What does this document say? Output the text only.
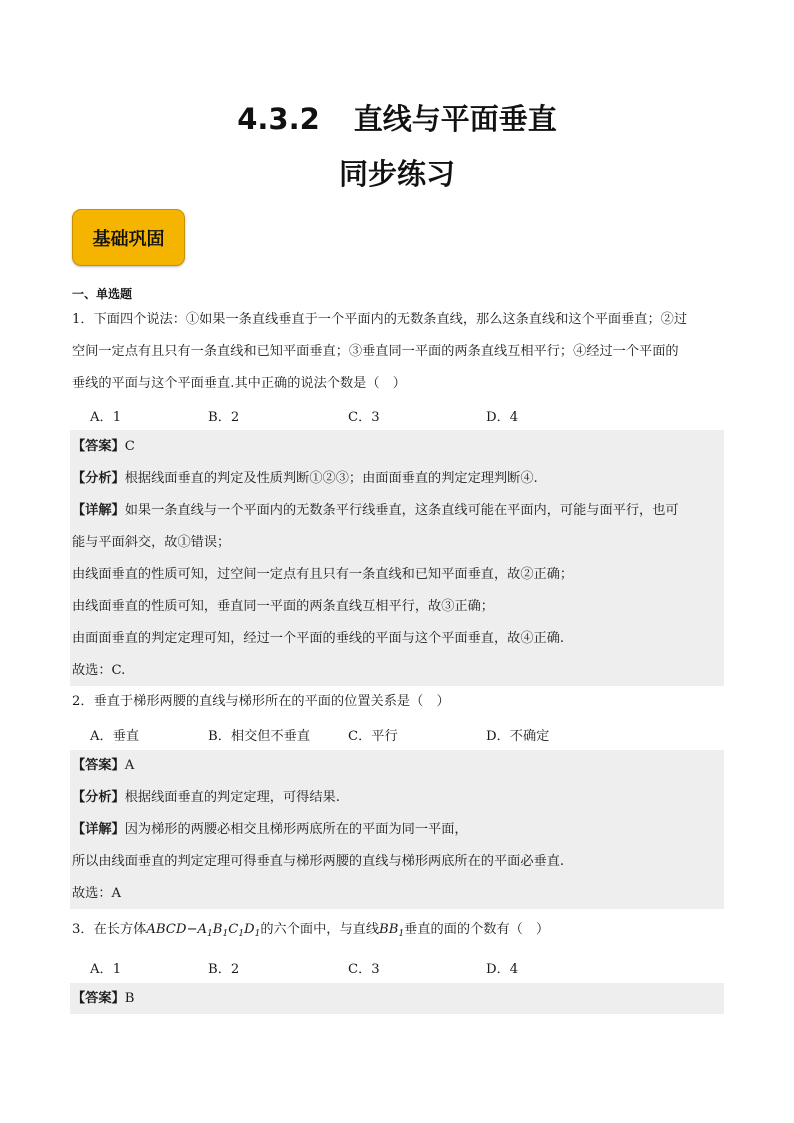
4.3.2 直线与平面垂直
同步练习
基础巩固
一、单选题
1．下面四个说法：①如果一条直线垂直于一个平面内的无数条直线，那么这条直线和这个平面垂直；②过
空间一定点有且只有一条直线和已知平面垂直；③垂直同一平面的两条直线互相平行；④经过一个平面的
垂线的平面与这个平面垂直.其中正确的说法个数是（　）
A．1	B．2	C．3	D．4
【答案】C
【分析】根据线面垂直的判定及性质判断①②③；由面面垂直的判定定理判断④.
【详解】如果一条直线与一个平面内的无数条平行线垂直，这条直线可能在平面内，可能与面平行，也可
能与平面斜交，故①错误；
由线面垂直的性质可知，过空间一定点有且只有一条直线和已知平面垂直，故②正确；
由线面垂直的性质可知，垂直同一平面的两条直线互相平行，故③正确；
由面面垂直的判定定理可知，经过一个平面的垂线的平面与这个平面垂直，故④正确.
故选：C.
2．垂直于梯形两腰的直线与梯形所在的平面的位置关系是（　）
A．垂直	B．相交但不垂直	C．平行	D．不确定
【答案】A
【分析】根据线面垂直的判定定理，可得结果.
【详解】因为梯形的两腰必相交且梯形两底所在的平面为同一平面，
所以由线面垂直的判定定理可得垂直与梯形两腰的直线与梯形两底所在的平面必垂直.
故选：A
3．在长方体$ABCD-A_1B_1C_1D_1$的六个面中，与直线$BB_1$垂直的面的个数有（　）
A．1	B．2	C．3	D．4
【答案】B
